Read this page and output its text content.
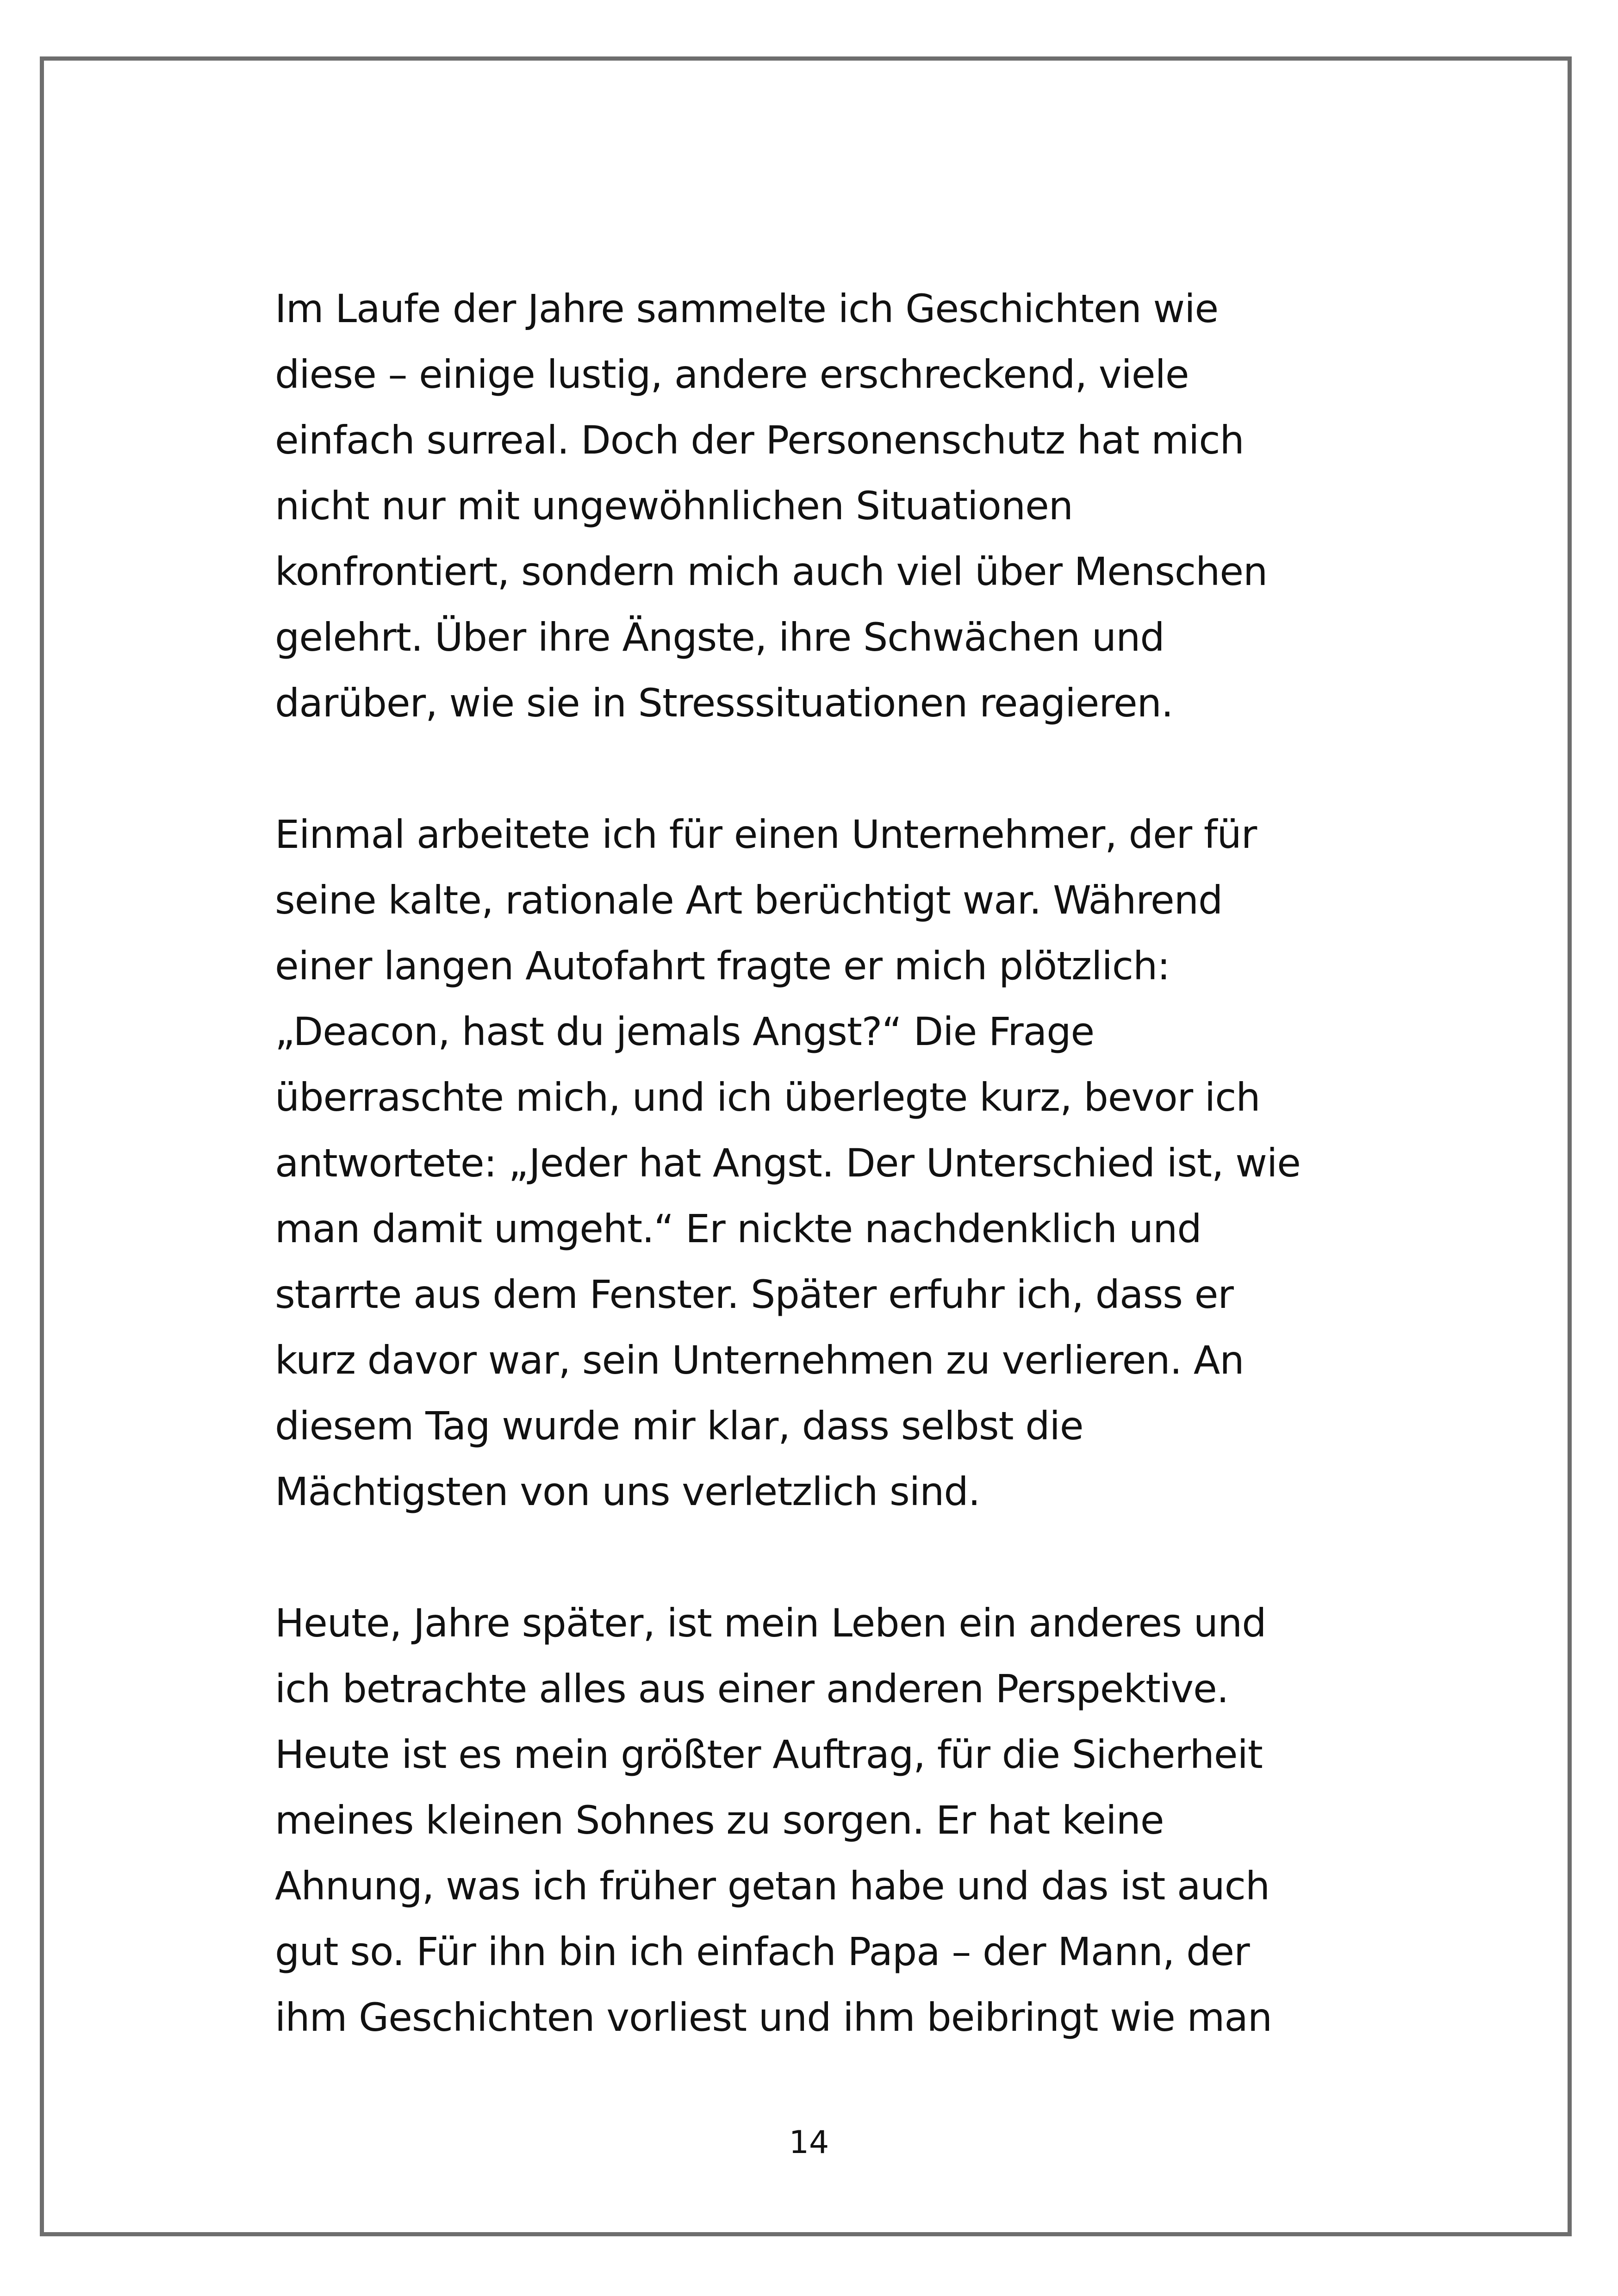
Im Laufe der Jahre sammelte ich Geschichten wie
diese – einige lustig, andere erschreckend, viele
einfach surreal. Doch der Personenschutz hat mich
nicht nur mit ungewöhnlichen Situationen
konfrontiert, sondern mich auch viel über Menschen
gelehrt. Über ihre Ängste, ihre Schwächen und
darüber, wie sie in Stresssituationen reagieren.

Einmal arbeitete ich für einen Unternehmer, der für
seine kalte, rationale Art berüchtigt war. Während
einer langen Autofahrt fragte er mich plötzlich:
„Deacon, hast du jemals Angst?“ Die Frage
überraschte mich, und ich überlegte kurz, bevor ich
antwortete: „Jeder hat Angst. Der Unterschied ist, wie
man damit umgeht.“ Er nickte nachdenklich und
starrte aus dem Fenster. Später erfuhr ich, dass er
kurz davor war, sein Unternehmen zu verlieren. An
diesem Tag wurde mir klar, dass selbst die
Mächtigsten von uns verletzlich sind.

Heute, Jahre später, ist mein Leben ein anderes und
ich betrachte alles aus einer anderen Perspektive.
Heute ist es mein größter Auftrag, für die Sicherheit
meines kleinen Sohnes zu sorgen. Er hat keine
Ahnung, was ich früher getan habe und das ist auch
gut so. Für ihn bin ich einfach Papa – der Mann, der
ihm Geschichten vorliest und ihm beibringt wie man

14
